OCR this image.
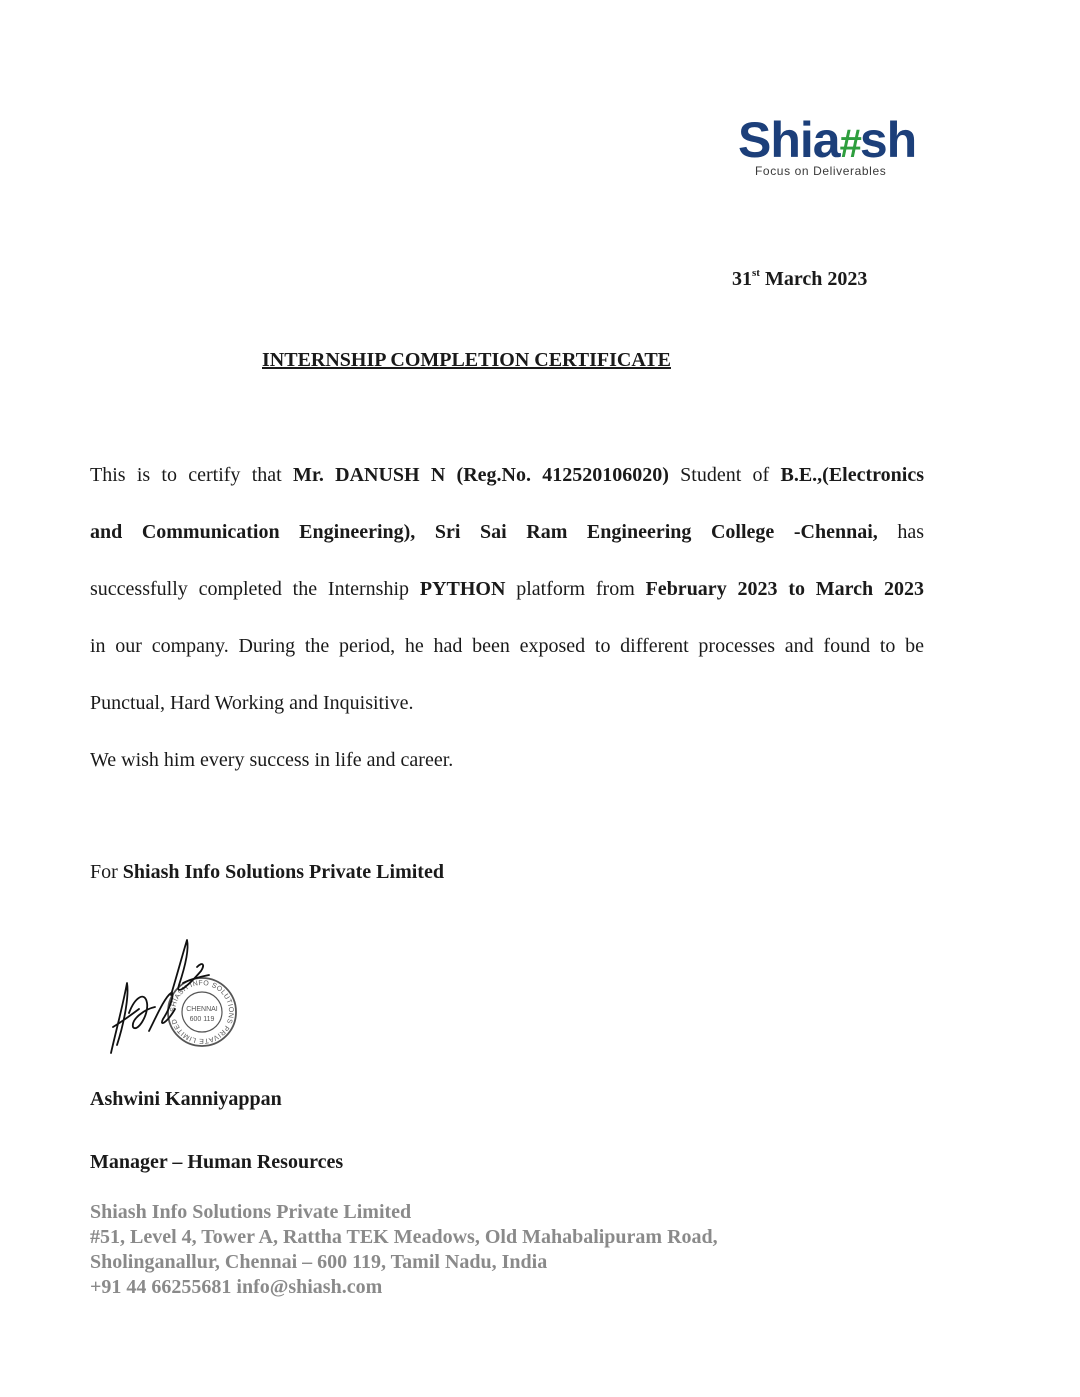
Shia#sh
Focus on Deliverables
31st March 2023
INTERNSHIP COMPLETION CERTIFICATE
This is to certify that Mr. DANUSH N (Reg.No. 412520106020) Student of B.E.,(Electronics
and Communication Engineering), Sri Sai Ram Engineering College -Chennai, has
successfully completed the Internship PYTHON platform from February 2023 to March 2023
in our company. During the period, he had been exposed to different processes and found to be
Punctual, Hard Working and Inquisitive.
We wish him every success in life and career.
For Shiash Info Solutions Private Limited
SHIASH INFO SOLUTIONS PRIVATE LIMITED
CHENNAI
600 119
Ashwini Kanniyappan
Manager – Human Resources
Shiash Info Solutions Private Limited
#51, Level 4, Tower A, Rattha TEK Meadows, Old Mahabalipuram Road,
Sholinganallur, Chennai – 600 119, Tamil Nadu, India
+91 44 66255681 info@shiash.com
